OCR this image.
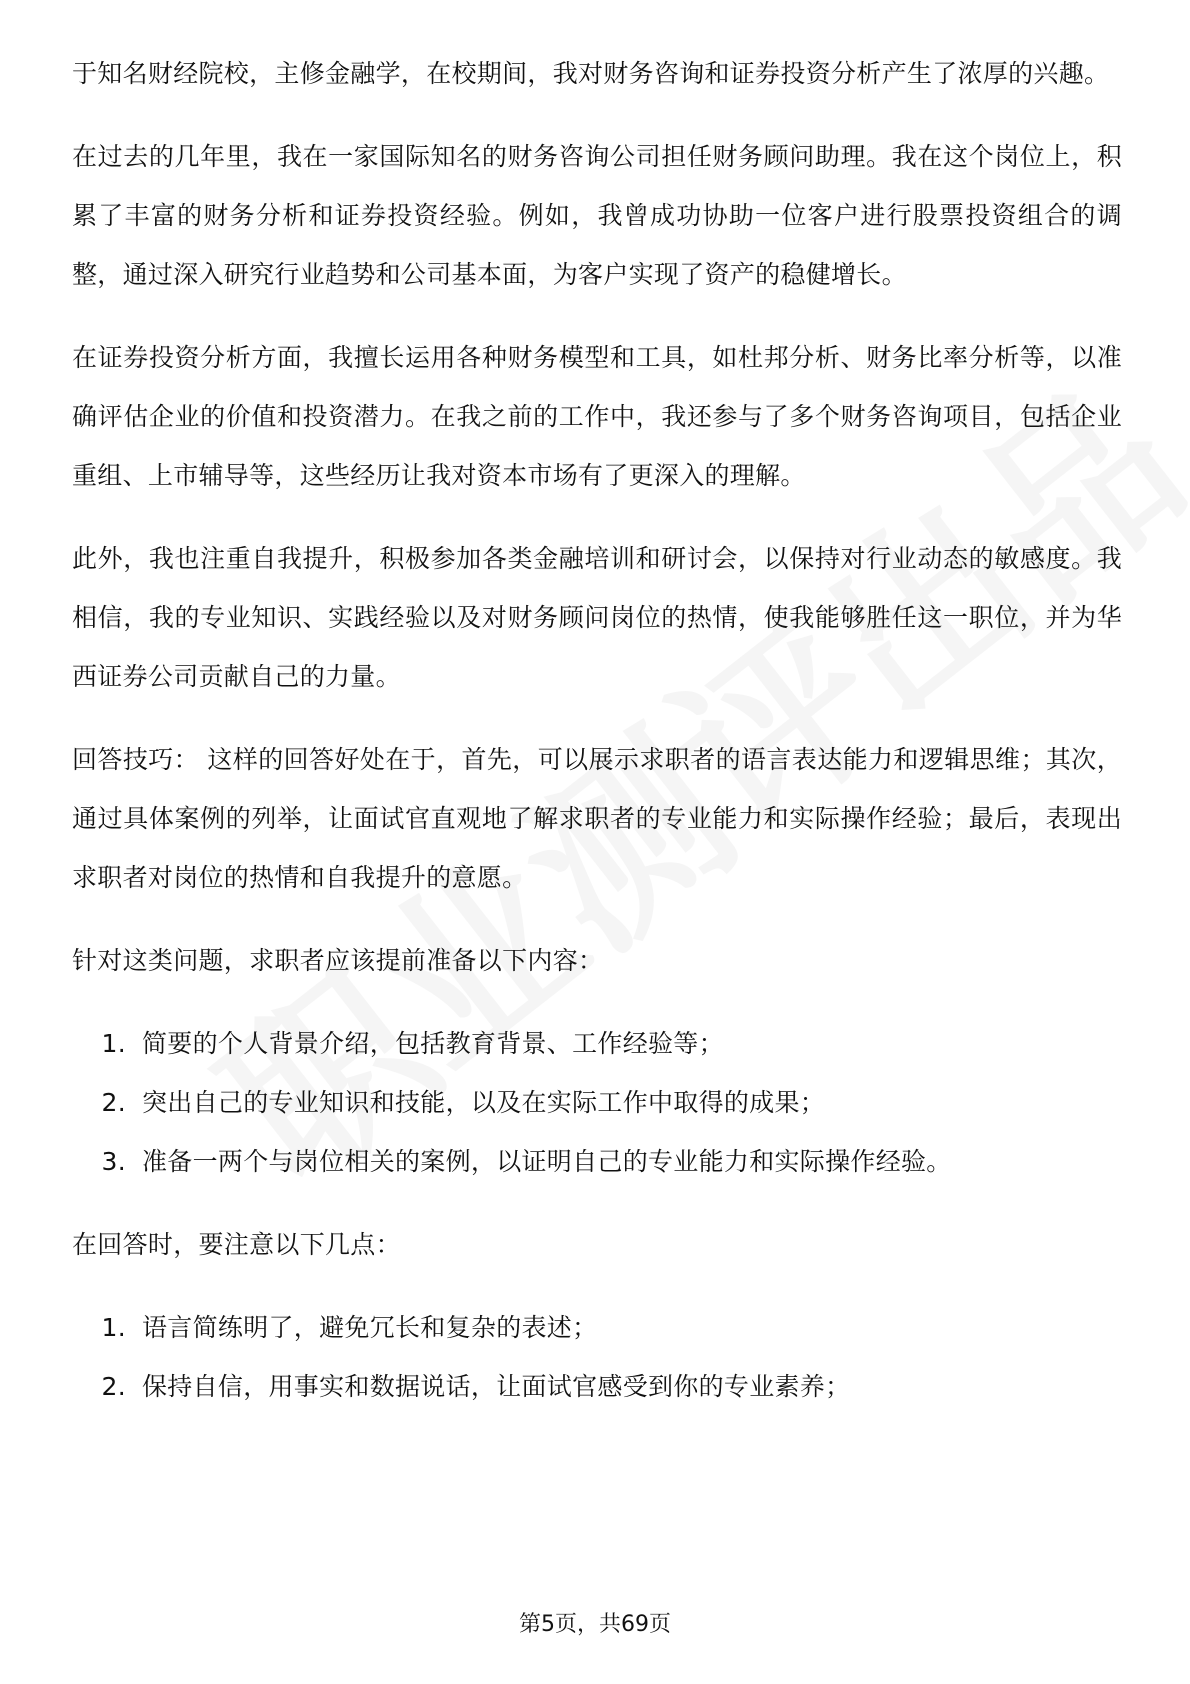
于知名财经院校，主修金融学，在校期间，我对财务咨询和证券投资分析产生了浓厚的兴趣。

在过去的几年里，我在一家国际知名的财务咨询公司担任财务顾问助理。我在这个岗位上，积累了丰富的财务分析和证券投资经验。例如，我曾成功协助一位客户进行股票投资组合的调整，通过深入研究行业趋势和公司基本面，为客户实现了资产的稳健增长。

在证券投资分析方面，我擅长运用各种财务模型和工具，如杜邦分析、财务比率分析等，以准确评估企业的价值和投资潜力。在我之前的工作中，我还参与了多个财务咨询项目，包括企业重组、上市辅导等，这些经历让我对资本市场有了更深入的理解。

此外，我也注重自我提升，积极参加各类金融培训和研讨会，以保持对行业动态的敏感度。我相信，我的专业知识、实践经验以及对财务顾问岗位的热情，使我能够胜任这一职位，并为华西证券公司贡献自己的力量。

回答技巧： 这样的回答好处在于，首先，可以展示求职者的语言表达能力和逻辑思维；其次，通过具体案例的列举，让面试官直观地了解求职者的专业能力和实际操作经验；最后，表现出求职者对岗位的热情和自我提升的意愿。

针对这类问题，求职者应该提前准备以下内容：

1. 简要的个人背景介绍，包括教育背景、工作经验等；
2. 突出自己的专业知识和技能，以及在实际工作中取得的成果；
3. 准备一两个与岗位相关的案例，以证明自己的专业能力和实际操作经验。

在回答时，要注意以下几点：

1. 语言简练明了，避免冗长和复杂的表述；
2. 保持自信，用事实和数据说话，让面试官感受到你的专业素养；
第5页，共69页
